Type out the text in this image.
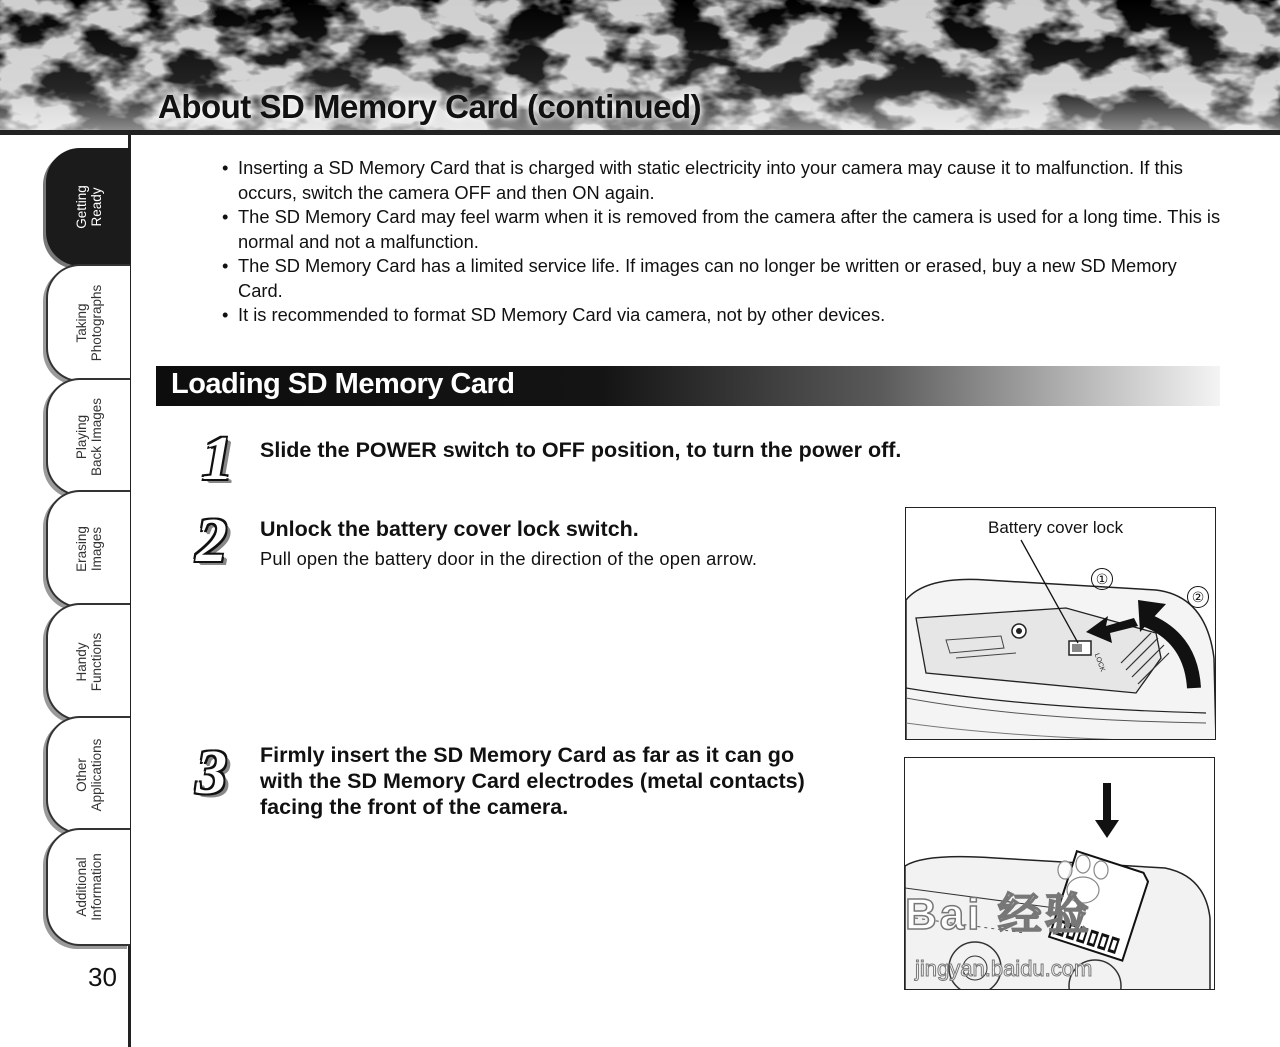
About SD Memory Card (continued)
Getting Ready
Taking Photographs
Playing Back Images
Erasing Images
Handy Functions
Other Applications
Additional Information
30

• Inserting a SD Memory Card that is charged with static electricity into your camera may cause it to malfunction. If this occurs, switch the camera OFF and then ON again.

• The SD Memory Card may feel warm when it is removed from the camera after the camera is used for a long time. This is normal and not a malfunction.

• The SD Memory Card has a limited service life. If images can no longer be written or erased, buy a new SD Memory Card.

• It is recommended to format SD Memory Card via camera, not by other devices.

Loading SD Memory Card
1 Slide the POWER switch to OFF position, to turn the power off.
2 Unlock the battery cover lock switch.
Pull open the battery door in the direction of the open arrow.
3 Firmly insert the SD Memory Card as far as it can go
with the SD Memory Card electrodes (metal contacts)
facing the front of the camera.
LOCK
Battery cover lock
①
②
Bai 经验
jingyan.baidu.com
